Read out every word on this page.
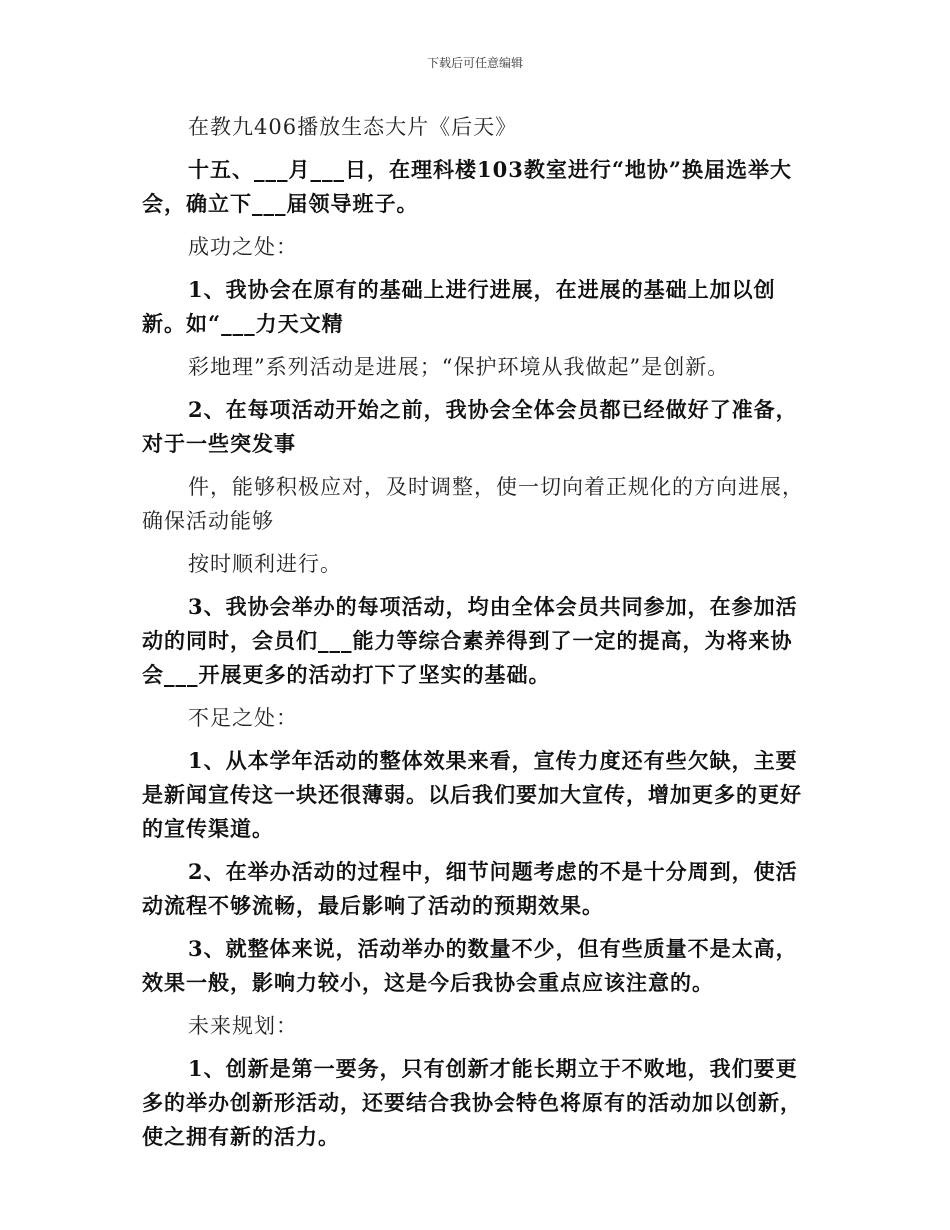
下载后可任意编辑

在教九406播放生态大片《后天》

十五、___月___日，在理科楼103教室进行“地协”换届选举大会，确立下___届领导班子。

成功之处：

1、我协会在原有的基础上进行进展，在进展的基础上加以创新。如“___力天文精

彩地理”系列活动是进展；“保护环境从我做起”是创新。

2、在每项活动开始之前，我协会全体会员都已经做好了准备，对于一些突发事

件，能够积极应对，及时调整，使一切向着正规化的方向进展，确保活动能够

按时顺利进行。

3、我协会举办的每项活动，均由全体会员共同参加，在参加活动的同时，会员们___能力等综合素养得到了一定的提高，为将来协会___开展更多的活动打下了坚实的基础。

不足之处：

1、从本学年活动的整体效果来看，宣传力度还有些欠缺，主要是新闻宣传这一块还很薄弱。以后我们要加大宣传，增加更多的更好的宣传渠道。

2、在举办活动的过程中，细节问题考虑的不是十分周到，使活动流程不够流畅，最后影响了活动的预期效果。

3、就整体来说，活动举办的数量不少，但有些质量不是太高，效果一般，影响力较小，这是今后我协会重点应该注意的。

未来规划：

1、创新是第一要务，只有创新才能长期立于不败地，我们要更多的举办创新形活动，还要结合我协会特色将原有的活动加以创新，使之拥有新的活力。
